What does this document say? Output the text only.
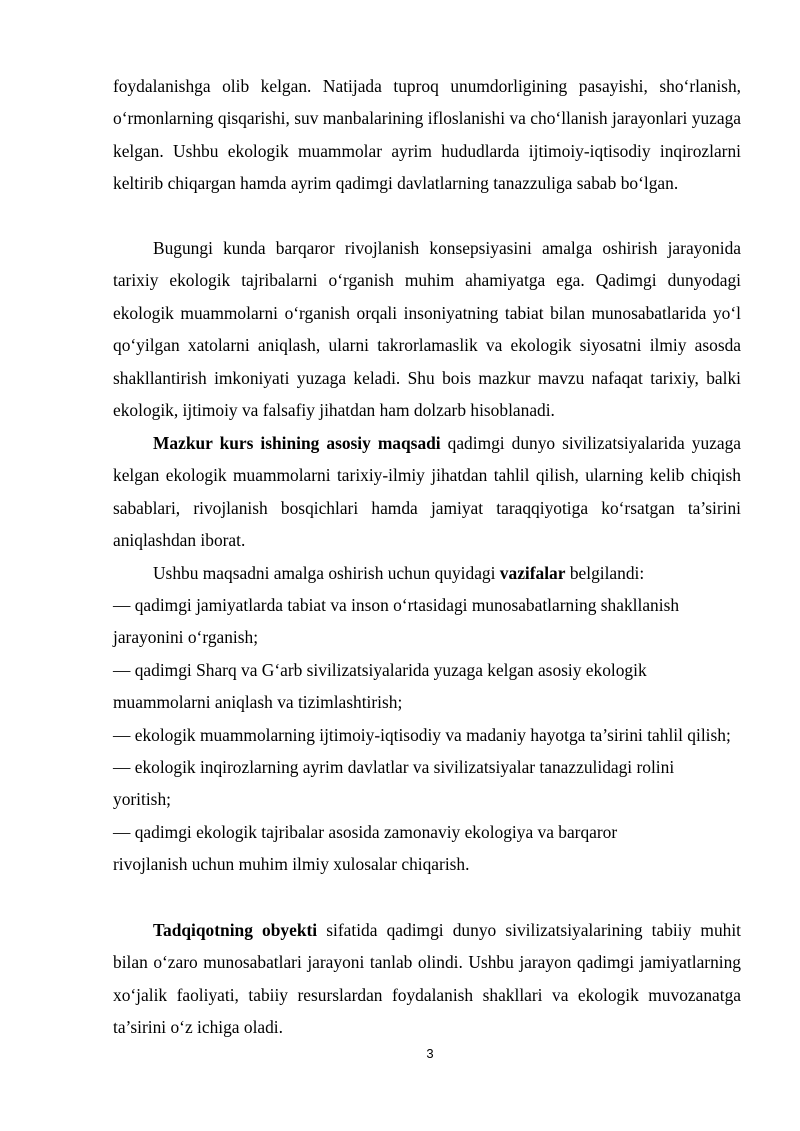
foydalanishga olib kelgan. Natijada tuproq unumdorligining pasayishi, sho‘rlanish, o‘rmonlarning qisqarishi, suv manbalarining ifloslanishi va cho‘llanish jarayonlari yuzaga kelgan. Ushbu ekologik muammolar ayrim hududlarda ijtimoiy-iqtisodiy inqirozlarni keltirib chiqargan hamda ayrim qadimgi davlatlarning tanazzuliga sabab bo‘lgan.

Bugungi kunda barqaror rivojlanish konsepsiyasini amalga oshirish jarayonida tarixiy ekologik tajribalarni o‘rganish muhim ahamiyatga ega. Qadimgi dunyodagi ekologik muammolarni o‘rganish orqali insoniyatning tabiat bilan munosabatlarida yo‘l qo‘yilgan xatolarni aniqlash, ularni takrorlamaslik va ekologik siyosatni ilmiy asosda shakllantirish imkoniyati yuzaga keladi. Shu bois mazkur mavzu nafaqat tarixiy, balki ekologik, ijtimoiy va falsafiy jihatdan ham dolzarb hisoblanadi.

Mazkur kurs ishining asosiy maqsadi qadimgi dunyo sivilizatsiyalarida yuzaga kelgan ekologik muammolarni tarixiy-ilmiy jihatdan tahlil qilish, ularning kelib chiqish sabablari, rivojlanish bosqichlari hamda jamiyat taraqqiyotiga ko‘rsatgan ta’sirini aniqlashdan iborat.

Ushbu maqsadni amalga oshirish uchun quyidagi vazifalar belgilandi:

— qadimgi jamiyatlarda tabiat va inson o‘rtasidagi munosabatlarning shakllanish jarayonini o‘rganish;
— qadimgi Sharq va G‘arb sivilizatsiyalarida yuzaga kelgan asosiy ekologik muammolarni aniqlash va tizimlashtirish;
— ekologik muammolarning ijtimoiy-iqtisodiy va madaniy hayotga ta’sirini tahlil qilish;
— ekologik inqirozlarning ayrim davlatlar va sivilizatsiyalar tanazzulidagi rolini yoritish;
— qadimgi ekologik tajribalar asosida zamonaviy ekologiya va barqaror rivojlanish uchun muhim ilmiy xulosalar chiqarish.

Tadqiqotning obyekti sifatida qadimgi dunyo sivilizatsiyalarining tabiiy muhit bilan o‘zaro munosabatlari jarayoni tanlab olindi. Ushbu jarayon qadimgi jamiyatlarning xo‘jalik faoliyati, tabiiy resurslardan foydalanish shakllari va ekologik muvozanatga ta’sirini o‘z ichiga oladi.

3
